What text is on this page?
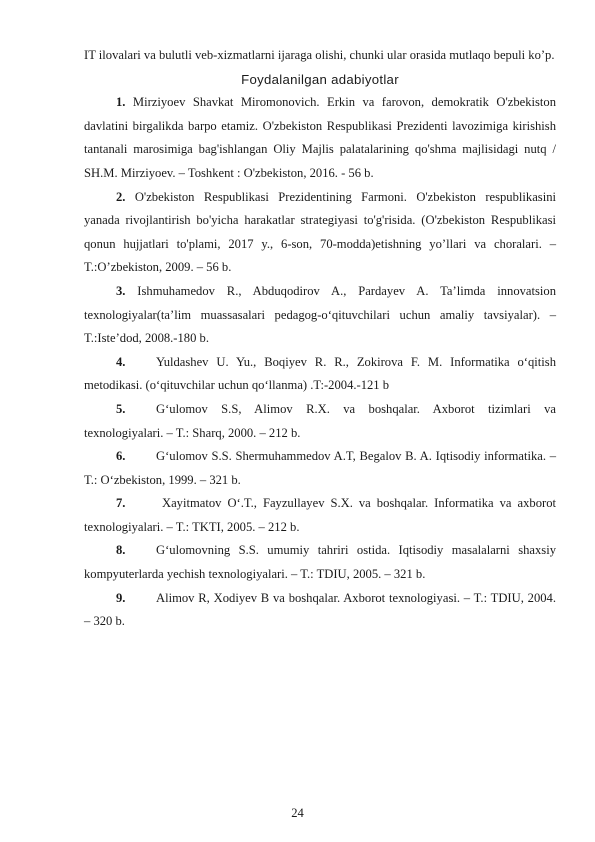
IT ilovalari va bulutli veb-xizmatlarni ijaraga olishi, chunki ular orasida mutlaqo bepuli ko’p.

Foydalanilgan adabiyotlar

1. Mirziyoev Shavkat Miromonovich. Erkin va farovon, demokratik O'zbekiston davlatini birgalikda barpo etamiz. O'zbekiston Respublikasi Prezidenti lavozimiga kirishish tantanali marosimiga bag'ishlangan Oliy Majlis palatalarining qo'shma majlisidagi nutq / SH.M. Mirziyoev. – Toshkent : O'zbekiston, 2016. - 56 b.

2. O'zbekiston Respublikasi Prezidentining Farmoni. O'zbekiston respublikasini yanada rivojlantirish bo'yicha harakatlar strategiyasi to'g'risida. (O'zbekiston Respublikasi qonun hujjatlari to'plami, 2017 y., 6-son, 70-modda)etishning yo’llari va choralari. – T.:O’zbekiston, 2009. – 56 b.

3. Ishmuhamedov R., Abduqodirov A., Pardayev A. Ta’limda innovatsion texnologiyalar(ta’lim muassasalari pedagog-o‘qituvchilari uchun amaliy tavsiyalar). –T.:Iste’dod, 2008.-180 b.

4. Yuldashev U. Yu., Boqiyev R. R., Zokirova F. M. Informatika o‘qitish metodikasi. (o‘qituvchilar uchun qo‘llanma) .T:-2004.-121 b

5. G‘ulomov S.S, Alimov R.X. va boshqalar. Axborot tizimlari va texnologiyalari. – T.: Sharq, 2000. – 212 b.

6. G‘ulomov S.S. Shermuhammedov A.T, Begalov B. A. Iqtisodiy informatika. – T.: O‘zbekiston, 1999. – 321 b.

7. Xayitmatov O‘.T., Fayzullayev S.X. va boshqalar. Informatika va axborot texnologiyalari. – T.: TKTI, 2005. – 212 b.

8. G‘ulomovning S.S. umumiy tahriri ostida. Iqtisodiy masalalarni shaxsiy kompyuterlarda yechish texnologiyalari. – T.: TDIU, 2005. – 321 b.

9. Alimov R, Xodiyev B va boshqalar. Axborot texnologiyasi. – T.: TDIU, 2004. – 320 b.

24
